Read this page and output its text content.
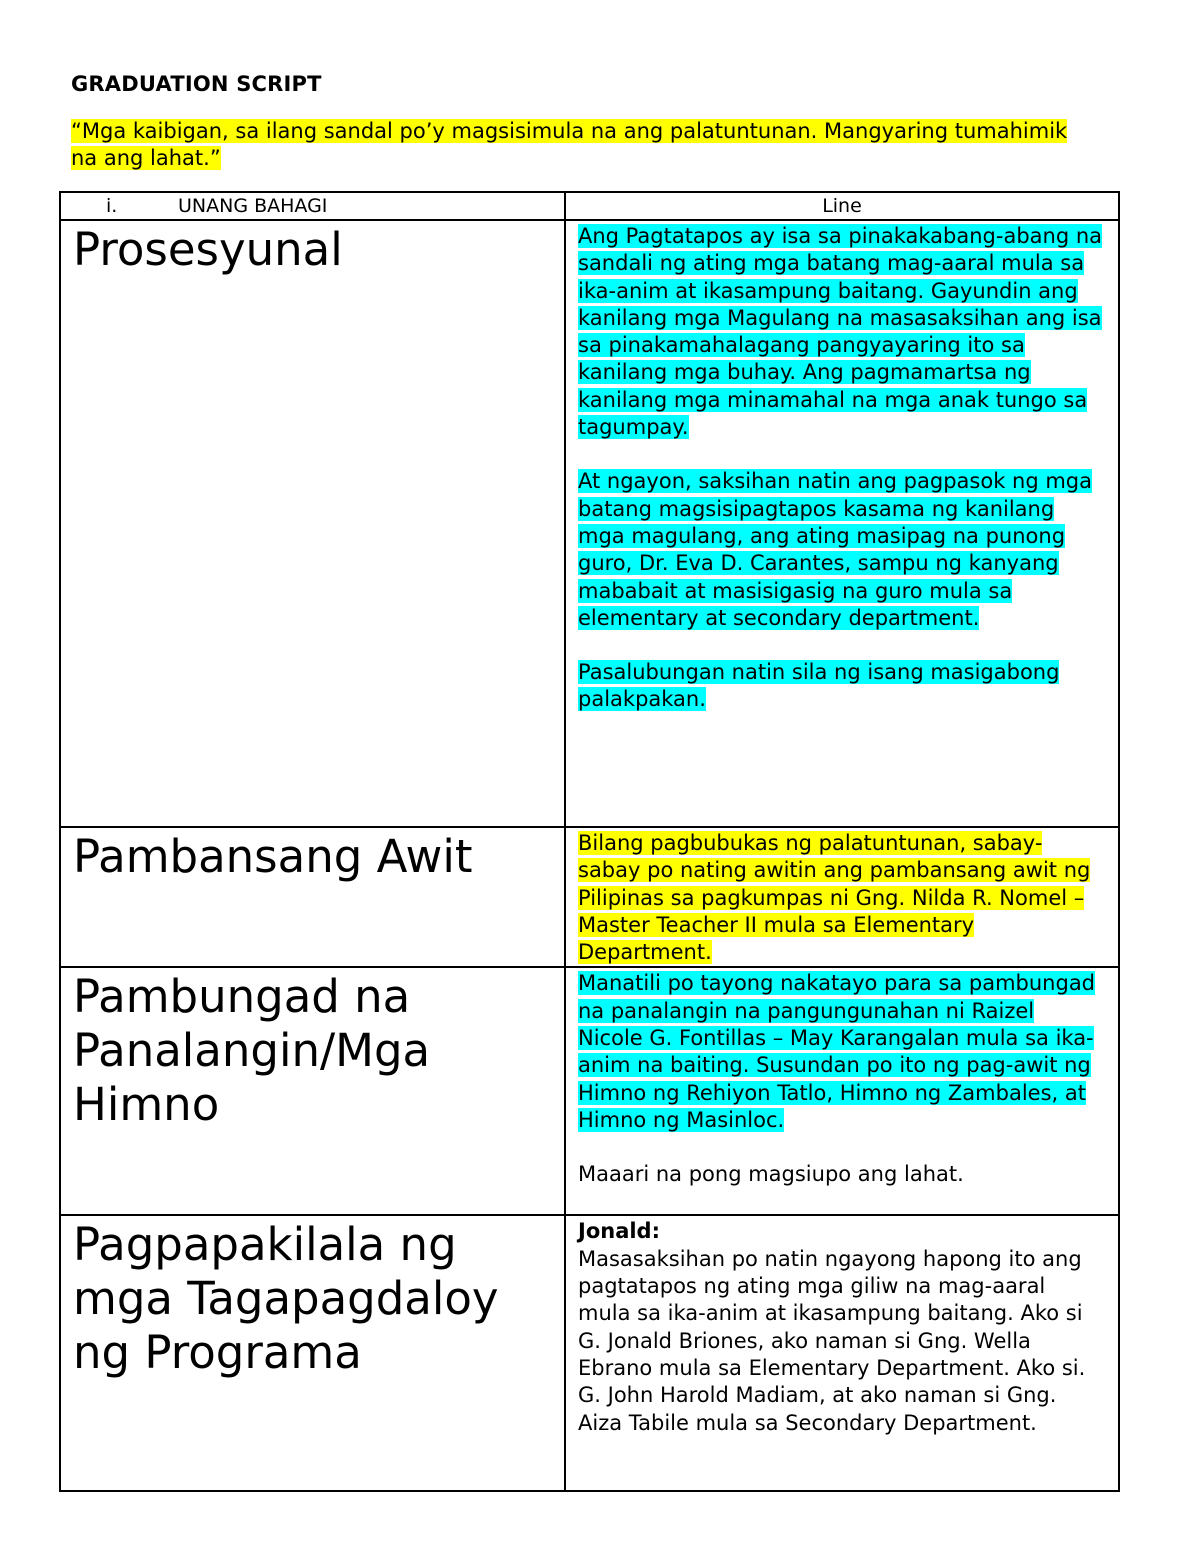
GRADUATION SCRIPT
“Mga kaibigan, sa ilang sandal po’y magsisimula na ang palatuntunan. Mangyaring tumahimik na ang lahat.”
i. UNANG BAHAGI	Line
Prosesyunal	Ang Pagtatapos ay isa sa pinakakabang-abang na sandali ng ating mga batang mag-aaral mula sa ika-anim at ikasampung baitang. Gayundin ang kanilang mga Magulang na masasaksihan ang isa sa pinakamahalagang pangyayaring ito sa kanilang mga buhay. Ang pagmamartsa ng kanilang mga minamahal na mga anak tungo sa tagumpay.

At ngayon, saksihan natin ang pagpasok ng mga batang magsisipagtapos kasama ng kanilang mga magulang, ang ating masipag na punong guro, Dr. Eva D. Carantes, sampu ng kanyang mababait at masisigasig na guro mula sa elementary at secondary department.

Pasalubungan natin sila ng isang masigabong palakpakan.

Pambansang Awit	Bilang pagbubukas ng palatuntunan, sabay-sabay po nating awitin ang pambansang awit ng Pilipinas sa pagkumpas ni Gng. Nilda R. Nomel – Master Teacher II mula sa Elementary Department.

Pambungad na Panalangin/Mga Himno	Manatili po tayong nakatayo para sa pambungad na panalangin na pangungunahan ni Raizel Nicole G. Fontillas – May Karangalan mula sa ika-anim na baiting. Susundan po ito ng pag-awit ng Himno ng Rehiyon Tatlo, Himno ng Zambales, at Himno ng Masinloc.

Maaari na pong magsiupo ang lahat.

Pagpapakilala ng mga Tagapagdaloy ng Programa	Jonald:

Masasaksihan po natin ngayong hapong ito ang pagtatapos ng ating mga giliw na mag-aaral mula sa ika-anim at ikasampung baitang. Ako si G. Jonald Briones, ako naman si Gng. Wella Ebrano mula sa Elementary Department. Ako si. G. John Harold Madiam, at ako naman si Gng. Aiza Tabile mula sa Secondary Department.
